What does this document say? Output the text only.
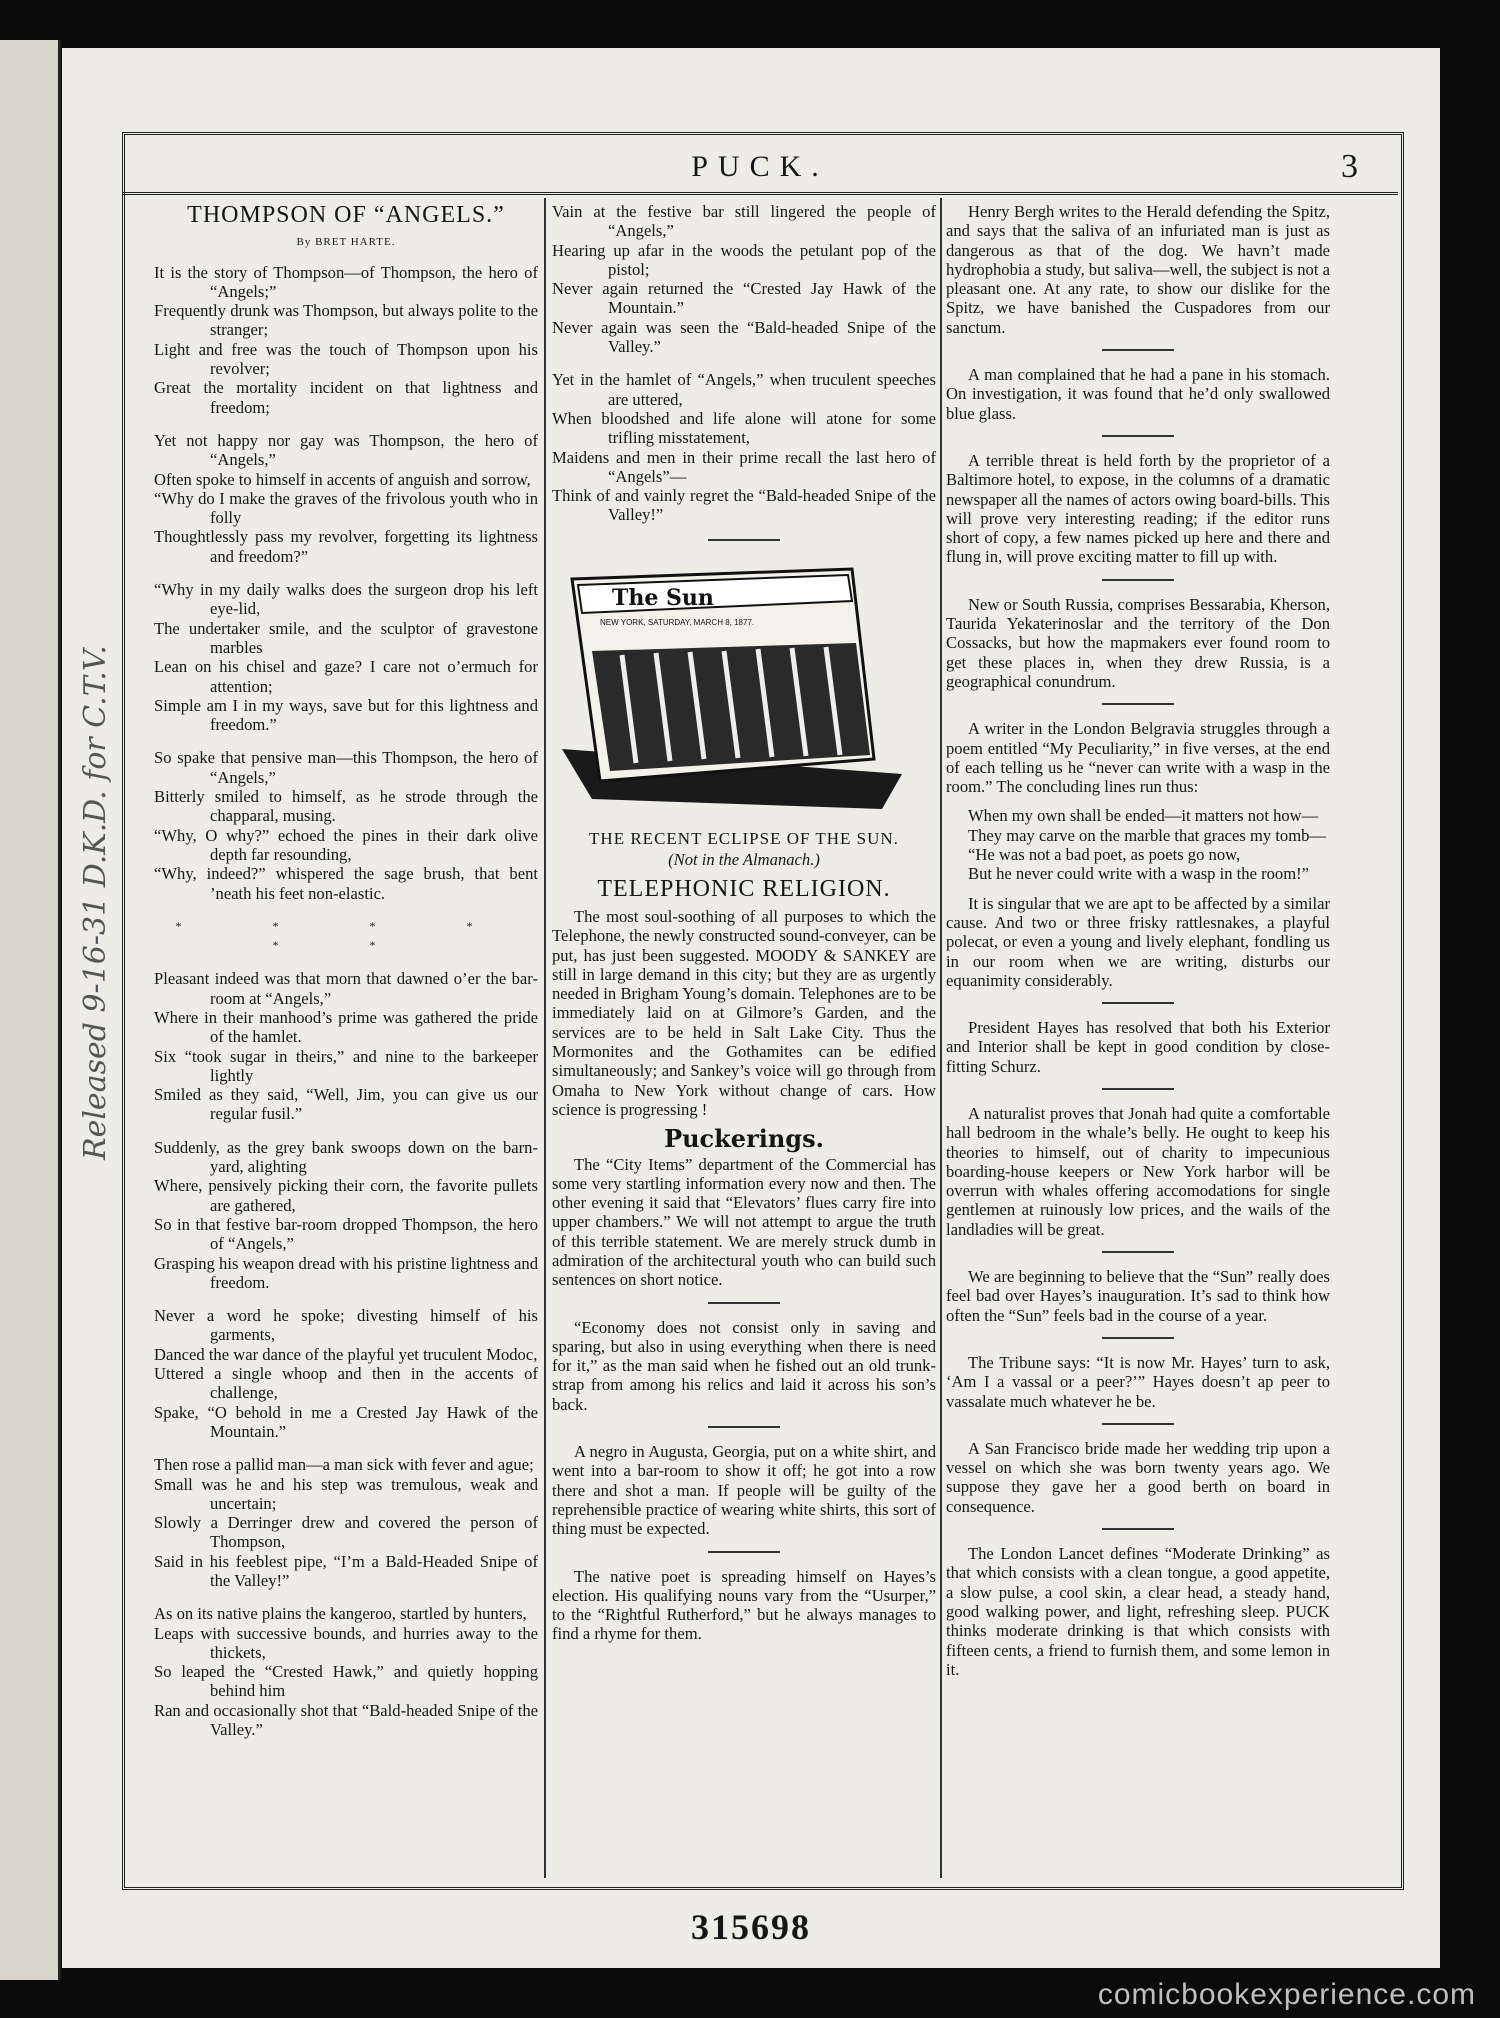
PUCK.	3
THOMPSON OF “ANGELS.”
By BRET HARTE.

It is the story of Thompson—of Thompson, the hero of “Angels;”

Frequently drunk was Thompson, but always polite to the stranger;

Light and free was the touch of Thompson upon his revolver;

Great the mortality incident on that lightness and freedom;

Yet not happy nor gay was Thompson, the hero of “Angels,”

Often spoke to himself in accents of anguish and sorrow,

“Why do I make the graves of the frivolous youth who in folly

Thoughtlessly pass my revolver, forgetting its lightness and freedom?”

“Why in my daily walks does the surgeon drop his left eye-lid,

The undertaker smile, and the sculptor of gravestone marbles

Lean on his chisel and gaze? I care not o’ermuch for attention;

Simple am I in my ways, save but for this lightness and freedom.”

So spake that pensive man—this Thompson, the hero of “Angels,”

Bitterly smiled to himself, as he strode through the chapparal, musing.

“Why, O why?” echoed the pines in their dark olive depth far resounding,

“Why, indeed?” whispered the sage brush, that bent ’neath his feet non-elastic.

* * * * * *

Pleasant indeed was that morn that dawned o’er the bar-room at “Angels,”

Where in their manhood’s prime was gathered the pride of the hamlet.

Six “took sugar in theirs,” and nine to the barkeeper lightly

Smiled as they said, “Well, Jim, you can give us our regular fusil.”

Suddenly, as the grey bank swoops down on the barn-yard, alighting

Where, pensively picking their corn, the favorite pullets are gathered,

So in that festive bar-room dropped Thompson, the hero of “Angels,”

Grasping his weapon dread with his pristine lightness and freedom.

Never a word he spoke; divesting himself of his garments,

Danced the war dance of the playful yet truculent Modoc,

Uttered a single whoop and then in the accents of challenge,

Spake, “O behold in me a Crested Jay Hawk of the Mountain.”

Then rose a pallid man—a man sick with fever and ague;

Small was he and his step was tremulous, weak and uncertain;

Slowly a Derringer drew and covered the person of Thompson,

Said in his feeblest pipe, “I’m a Bald-Headed Snipe of the Valley!”

As on its native plains the kangeroo, startled by hunters,

Leaps with successive bounds, and hurries away to the thickets,

So leaped the “Crested Hawk,” and quietly hopping behind him

Ran and occasionally shot that “Bald-headed Snipe of the Valley.”

Vain at the festive bar still lingered the people of “Angels,”

Hearing up afar in the woods the petulant pop of the pistol;

Never again returned the “Crested Jay Hawk of the Mountain.”

Never again was seen the “Bald-headed Snipe of the Valley.”

Yet in the hamlet of “Angels,” when truculent speeches are uttered,

When bloodshed and life alone will atone for some trifling misstatement,

Maidens and men in their prime recall the last hero of “Angels”—

Think of and vainly regret the “Bald-headed Snipe of the Valley!”

The Sun
NEW YORK, SATURDAY, MARCH 8, 1877.
THE RECENT ECLIPSE OF THE SUN.
(Not in the Almanach.)
TELEPHONIC RELIGION.

The most soul-soothing of all purposes to which the Telephone, the newly constructed sound-conveyer, can be put, has just been suggested. MOODY & SANKEY are still in large demand in this city; but they are as urgently needed in Brigham Young’s domain. Telephones are to be immediately laid on at Gilmore’s Garden, and the services are to be held in Salt Lake City. Thus the Mormonites and the Gothamites can be edified simultaneously; and Sankey’s voice will go through from Omaha to New York without change of cars. How science is progressing !

Puckerings.

The “City Items” department of the Commercial has some very startling information every now and then. The other evening it said that “Elevators’ flues carry fire into upper chambers.” We will not attempt to argue the truth of this terrible statement. We are merely struck dumb in admiration of the architectural youth who can build such sentences on short notice.

“Economy does not consist only in saving and sparing, but also in using everything when there is need for it,” as the man said when he fished out an old trunk-strap from among his relics and laid it across his son’s back.

A negro in Augusta, Georgia, put on a white shirt, and went into a bar-room to show it off; he got into a row there and shot a man. If people will be guilty of the reprehensible practice of wearing white shirts, this sort of thing must be expected.

The native poet is spreading himself on Hayes’s election. His qualifying nouns vary from the “Usurper,” to the “Rightful Rutherford,” but he always manages to find a rhyme for them.

Henry Bergh writes to the Herald defending the Spitz, and says that the saliva of an infuriated man is just as dangerous as that of the dog. We havn’t made hydrophobia a study, but saliva—well, the subject is not a pleasant one. At any rate, to show our dislike for the Spitz, we have banished the Cuspadores from our sanctum.

A man complained that he had a pane in his stomach. On investigation, it was found that he’d only swallowed blue glass.

A terrible threat is held forth by the proprietor of a Baltimore hotel, to expose, in the columns of a dramatic newspaper all the names of actors owing board-bills. This will prove very interesting reading; if the editor runs short of copy, a few names picked up here and there and flung in, will prove exciting matter to fill up with.

New or South Russia, comprises Bessarabia, Kherson, Taurida Yekaterinoslar and the territory of the Don Cossacks, but how the mapmakers ever found room to get these places in, when they drew Russia, is a geographical conundrum.

A writer in the London Belgravia struggles through a poem entitled “My Peculiarity,” in five verses, at the end of each telling us he “never can write with a wasp in the room.” The concluding lines run thus:

When my own shall be ended—it matters not how—
They may carve on the marble that graces my tomb—
“He was not a bad poet, as poets go now,
But he never could write with a wasp in the room!”

It is singular that we are apt to be affected by a similar cause. And two or three frisky rattlesnakes, a playful polecat, or even a young and lively elephant, fondling us in our room when we are writing, disturbs our equanimity considerably.

President Hayes has resolved that both his Exterior and Interior shall be kept in good condition by close-fitting Schurz.

A naturalist proves that Jonah had quite a comfortable hall bedroom in the whale’s belly. He ought to keep his theories to himself, out of charity to impecunious boarding-house keepers or New York harbor will be overrun with whales offering accomodations for single gentlemen at ruinously low prices, and the wails of the landladies will be great.

We are beginning to believe that the “Sun” really does feel bad over Hayes’s inauguration. It’s sad to think how often the “Sun” feels bad in the course of a year.

The Tribune says: “It is now Mr. Hayes’ turn to ask, ‘Am I a vassal or a peer?’” Hayes doesn’t ap peer to vassalate much whatever he be.

A San Francisco bride made her wedding trip upon a vessel on which she was born twenty years ago. We suppose they gave her a good berth on board in consequence.

The London Lancet defines “Moderate Drinking” as that which consists with a clean tongue, a good appetite, a slow pulse, a cool skin, a clear head, a steady hand, good walking power, and light, refreshing sleep. PUCK thinks moderate drinking is that which consists with fifteen cents, a friend to furnish them, and some lemon in it.

315698
Released 9-16-31 D.K.D. for C.T.V.
comicbookexperience.com
